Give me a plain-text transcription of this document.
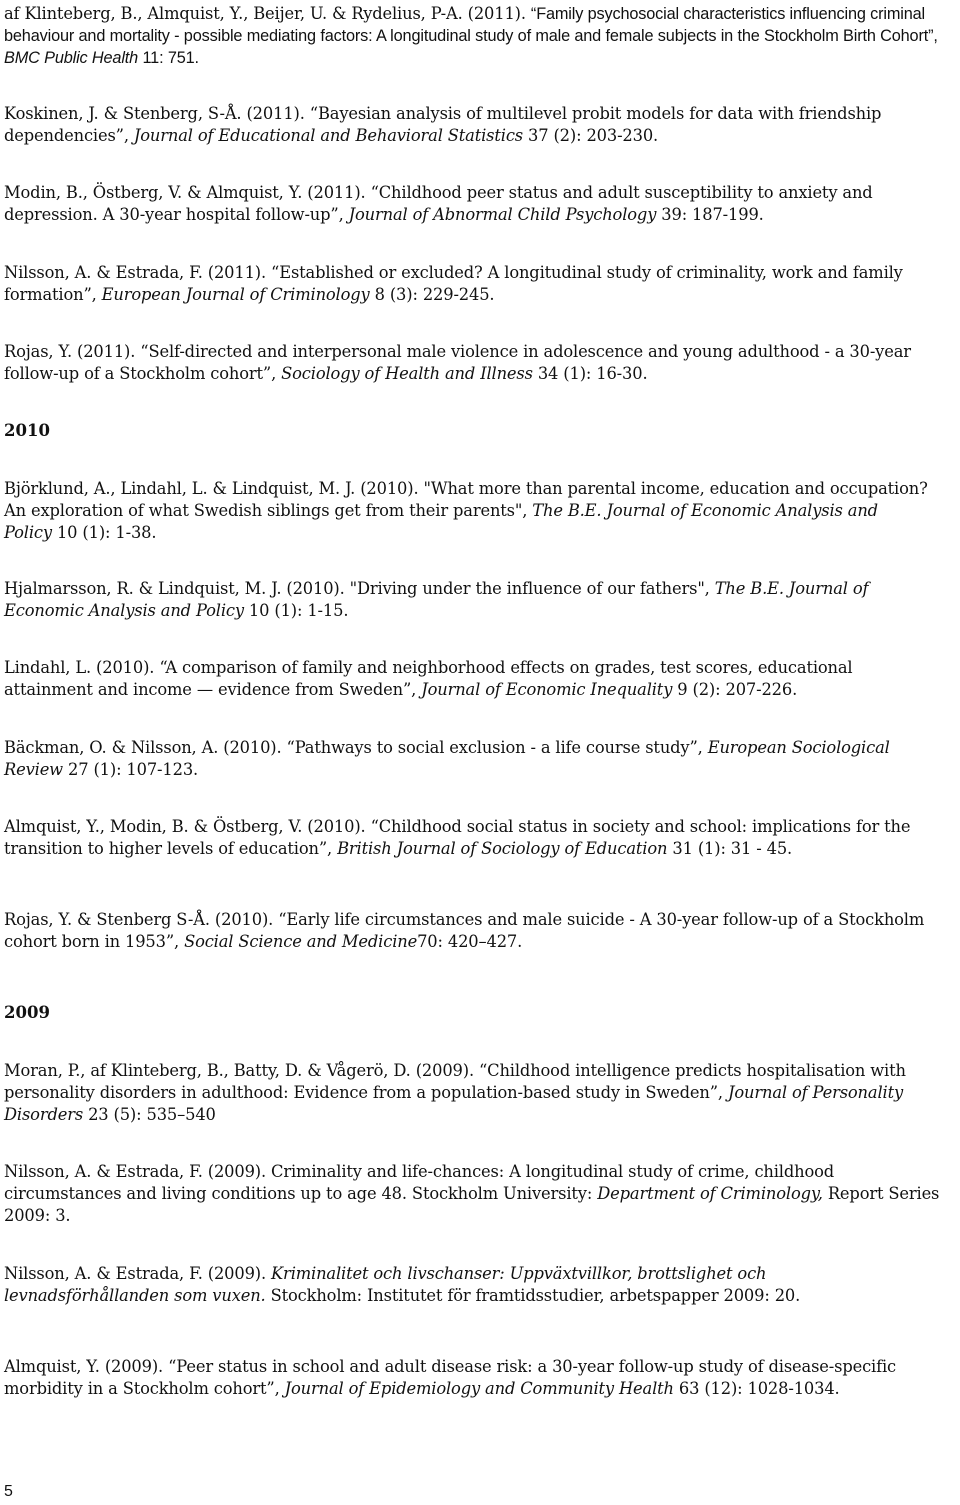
af Klinteberg, B., Almquist, Y., Beijer, U. & Rydelius, P-A. (2011). “Family psychosocial characteristics influencing criminal behaviour and mortality - possible mediating factors: A longitudinal study of male and female subjects in the Stockholm Birth Cohort”, BMC Public Health 11: 751.

Koskinen, J. & Stenberg, S-Å. (2011). “Bayesian analysis of multilevel probit models for data with friendship dependencies”, Journal of Educational and Behavioral Statistics 37 (2): 203-230.

Modin, B., Östberg, V. & Almquist, Y. (2011). “Childhood peer status and adult susceptibility to anxiety and depression. A 30-year hospital follow-up”, Journal of Abnormal Child Psychology 39: 187-199.

Nilsson, A. & Estrada, F. (2011). “Established or excluded? A longitudinal study of criminality, work and family formation”, European Journal of Criminology 8 (3): 229-245.

Rojas, Y. (2011). “Self-directed and interpersonal male violence in adolescence and young adulthood - a 30-year follow-up of a Stockholm cohort”, Sociology of Health and Illness 34 (1): 16-30.

2010

Björklund, A., Lindahl, L. & Lindquist, M. J. (2010). "What more than parental income, education and occupation? An exploration of what Swedish siblings get from their parents", The B.E. Journal of Economic Analysis and Policy 10 (1): 1-38.

Hjalmarsson, R. & Lindquist, M. J. (2010). "Driving under the influence of our fathers", The B.E. Journal of Economic Analysis and Policy 10 (1): 1-15.

Lindahl, L. (2010). “A comparison of family and neighborhood effects on grades, test scores, educational attainment and income — evidence from Sweden”, Journal of Economic Inequality 9 (2): 207-226.

Bäckman, O. & Nilsson, A. (2010). “Pathways to social exclusion - a life course study”, European Sociological Review 27 (1): 107-123.

Almquist, Y., Modin, B. & Östberg, V. (2010). “Childhood social status in society and school: implications for the transition to higher levels of education”, British Journal of Sociology of Education 31 (1): 31 - 45.

Rojas, Y. & Stenberg S-Å. (2010). “Early life circumstances and male suicide - A 30-year follow-up of a Stockholm cohort born in 1953”, Social Science and Medicine70: 420–427.

2009

Moran, P., af Klinteberg, B., Batty, D. & Vågerö, D. (2009). “Childhood intelligence predicts hospitalisation with personality disorders in adulthood: Evidence from a population-based study in Sweden”, Journal of Personality Disorders 23 (5): 535–540

Nilsson, A. & Estrada, F. (2009). Criminality and life-chances: A longitudinal study of crime, childhood circumstances and living conditions up to age 48. Stockholm University: Department of Criminology, Report Series 2009: 3.

Nilsson, A. & Estrada, F. (2009). Kriminalitet och livschanser: Uppväxtvillkor, brottslighet och levnadsförhållanden som vuxen. Stockholm: Institutet för framtidsstudier, arbetspapper 2009: 20.

Almquist, Y. (2009). “Peer status in school and adult disease risk: a 30-year follow-up study of disease-specific morbidity in a Stockholm cohort”, Journal of Epidemiology and Community Health 63 (12): 1028-1034.

5
